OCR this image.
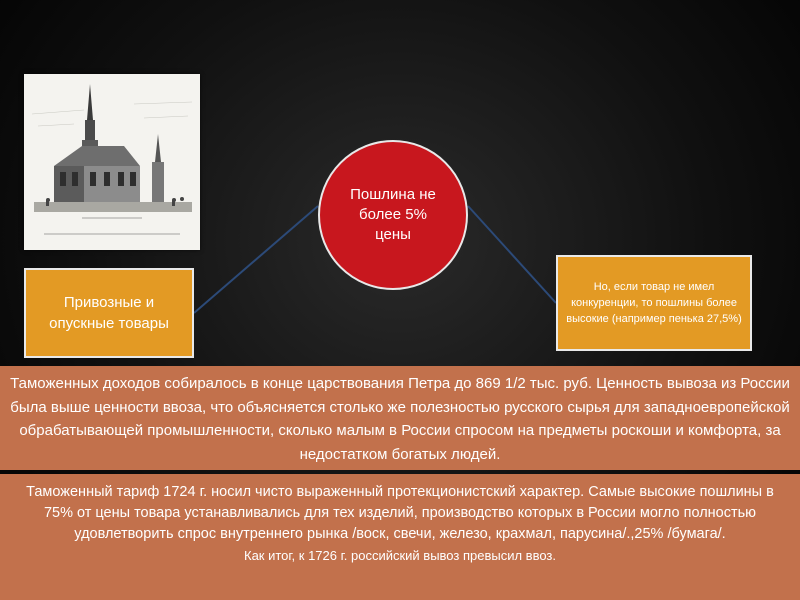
Пошлина не более 5% цены
Привозные и опускные товары
Но, если товар не имел конкуренции, то пошлины более высокие (например пенька 27,5%)
Таможенных доходов собиралось в конце царствования Петра до 869 1/2 тыс. руб. Ценность вывоза из России была выше ценности ввоза, что объясняется столько же полезностью русского сырья для западноевропейской обрабатывающей промышленности, сколько малым в России спросом на предметы роскоши и комфорта, за недостатком богатых людей.
Таможенный тариф 1724 г. носил чисто выраженный протекционистский характер. Самые высокие пошлины в 75% от цены товара устанавливались для тех изделий, производство которых в России могло полностью удовлетворить спрос внутреннего рынка /воск, свечи, железо, крахмал, парусина/.,25% /бумага/.
Как итог, к 1726 г. российский вывоз превысил ввоз.
